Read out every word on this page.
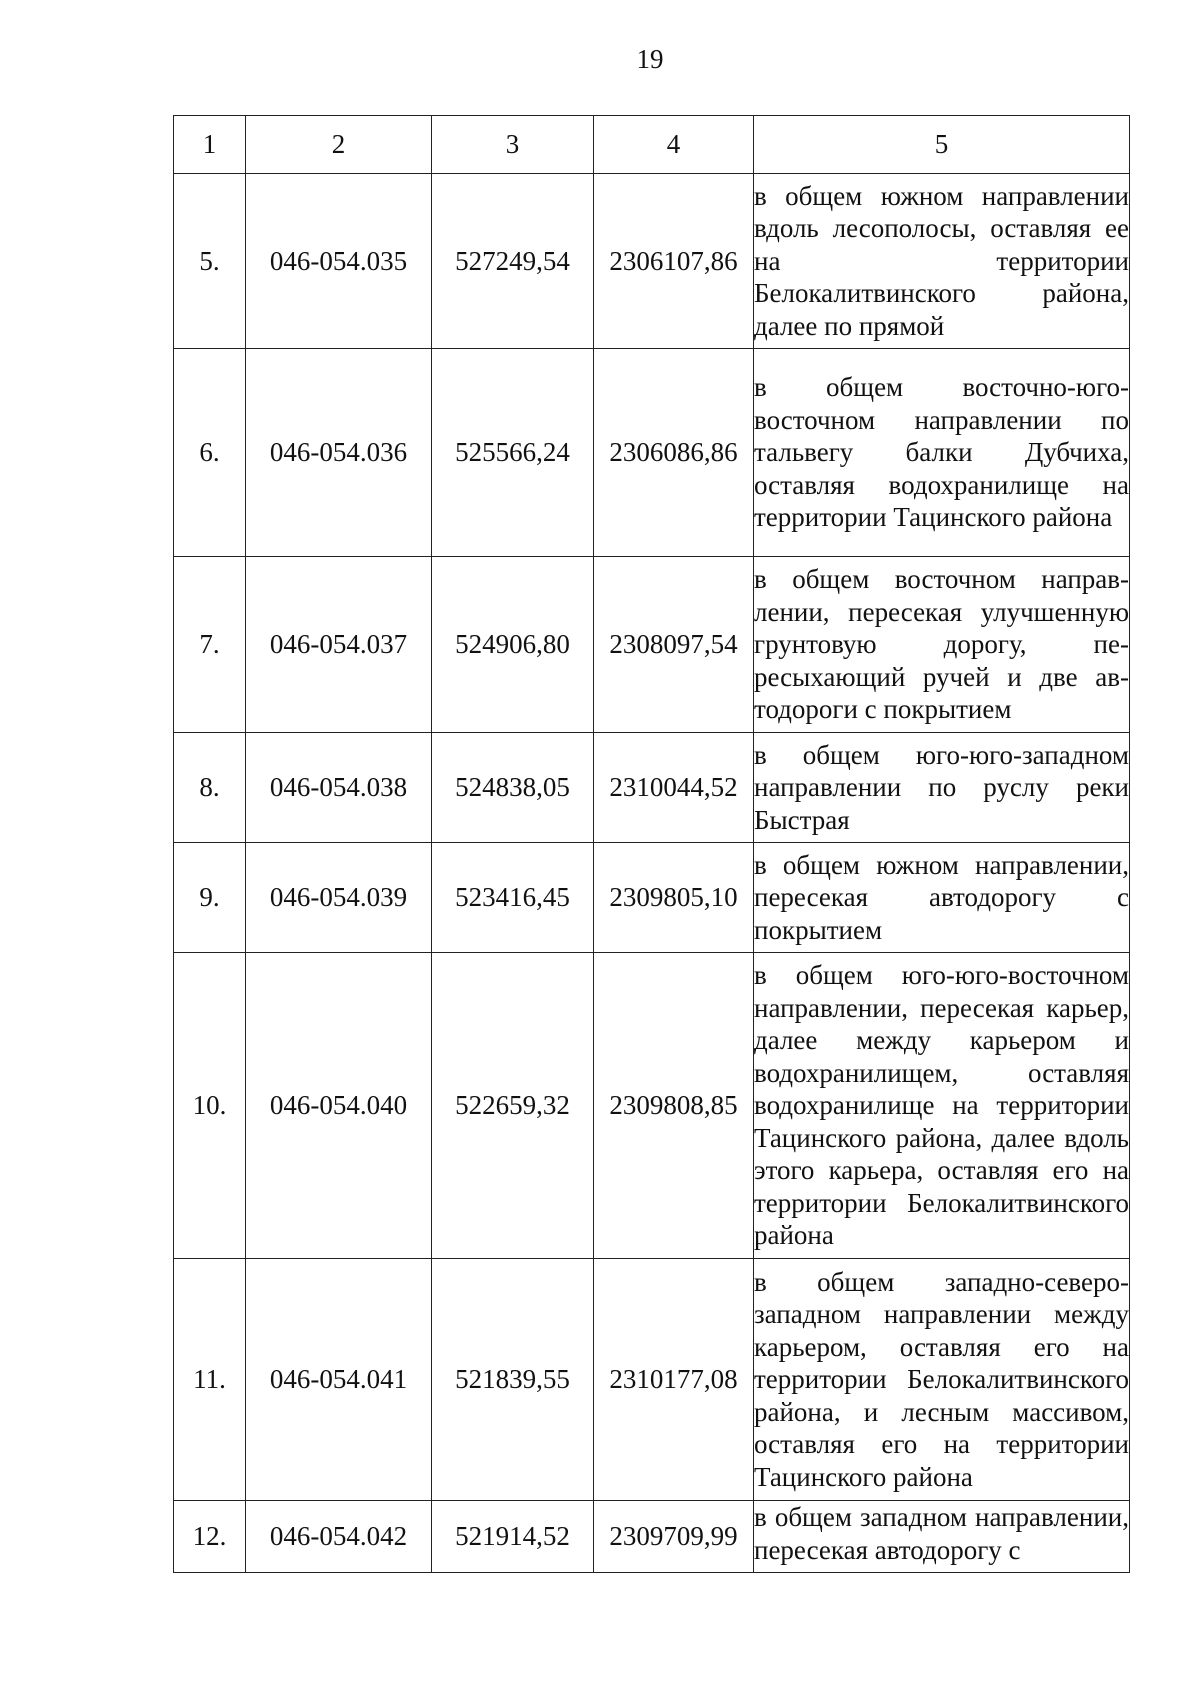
19
1	2	3	4	5
5.	046-054.035	527249,54	2306107,86	в общем южном направлении вдоль лесополосы, оставляя ее на территории Белокалитвинского района, далее по прямой
6.	046-054.036	525566,24	2306086,86	в общем восточно-юго-восточном направлении по тальвегу балки Дубчиха, оставляя водохранилище на территории Тацинского района
7.	046-054.037	524906,80	2308097,54	в общем восточном направлении, пересекая улучшенную грунтовую дорогу, пересыхающий ручей и две автодороги с покрытием
8.	046-054.038	524838,05	2310044,52	в общем юго-юго-западном направлении по руслу реки Быстрая
9.	046-054.039	523416,45	2309805,10	в общем южном направлении, пересекая автодорогу с покрытием
10.	046-054.040	522659,32	2309808,85	в общем юго-юго-восточном направлении, пересекая карьер, далее между карьером и водохранилищем, оставляя водохранилище на территории Тацинского района, далее вдоль этого карьера, оставляя его на территории Белокалитвинского района
11.	046-054.041	521839,55	2310177,08	в общем западно-северо-западном направлении между карьером, оставляя его на территории Белокалитвинского района, и лесным массивом, оставляя его на территории Тацинского района
12.	046-054.042	521914,52	2309709,99	в общем западном направлении, пересекая автодорогу с
